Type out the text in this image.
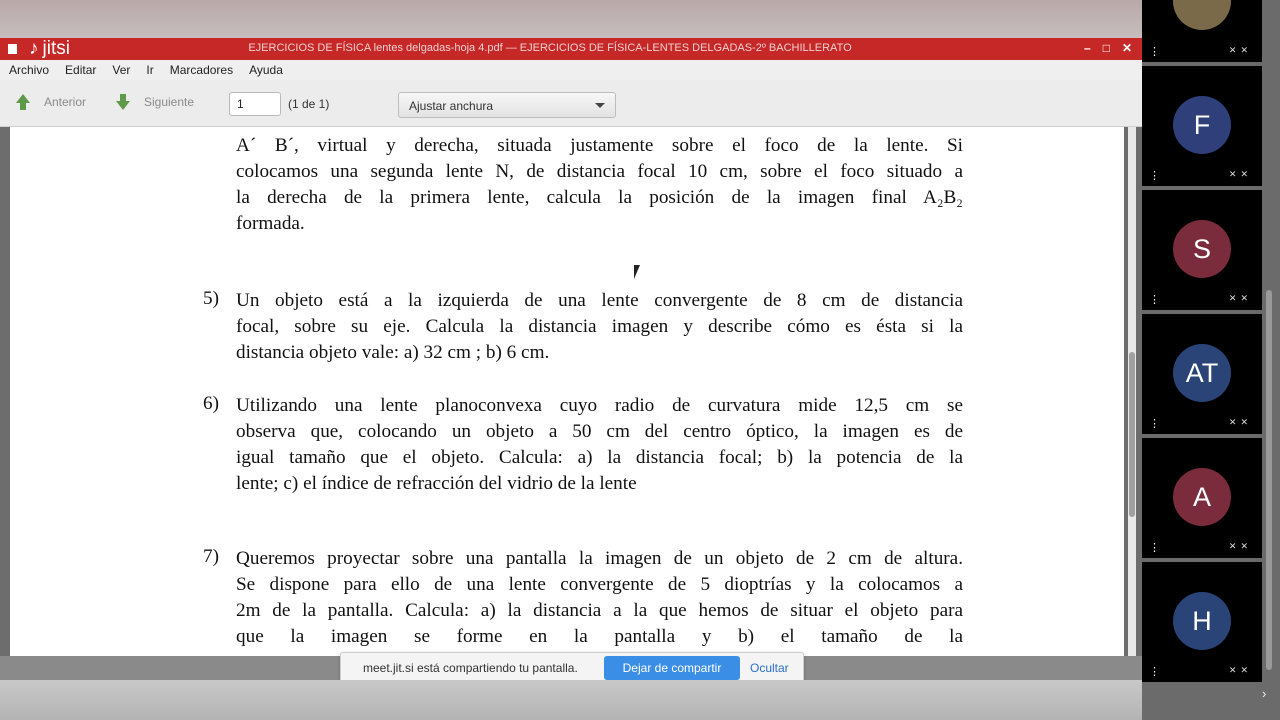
♪ jitsi	EJERCICIOS DE FÍSICA lentes delgadas-hoja 4.pdf — EJERCICIOS DE FÍSICA-LENTES DELGADAS-2º BACHILLERATO	– □ ✕
Archivo	Editar	Ver	Ir	Marcadores	Ayuda
Anterior	Siguiente	1	(1 de 1)	Ajustar anchura

A´ B´, virtual y derecha, situada justamente sobre el foco de la lente. Si

colocamos una segunda lente N, de distancia focal 10 cm, sobre el foco situado a

la derecha de la primera lente, calcula la posición de la imagen final A₂B₂

formada.

5) Un objeto está a la izquierda de una lente convergente de 8 cm de distancia

focal, sobre su eje. Calcula la distancia imagen y describe cómo es ésta si la

distancia objeto vale: a) 32 cm ; b) 6 cm.

6) Utilizando una lente planoconvexa cuyo radio de curvatura mide 12,5 cm se

observa que, colocando un objeto a 50 cm del centro óptico, la imagen es de

igual tamaño que el objeto. Calcula: a) la distancia focal; b) la potencia de la

lente; c) el índice de refracción del vidrio de la lente

7) Queremos proyectar sobre una pantalla la imagen de un objeto de 2 cm de altura.

Se dispone para ello de una lente convergente de 5 dioptrías y la colocamos a

2m de la pantalla. Calcula: a) la distancia a la que hemos de situar el objeto para

que la imagen se forme en la pantalla y b) el tamaño de la

meet.jit.si está compartiendo tu pantalla.	Dejar de compartir	Ocultar
⋮	✕✕
F
⋮	✕✕
S
⋮	✕✕
AT
⋮	✕✕
A
⋮	✕✕
H
⋮	✕✕
›
